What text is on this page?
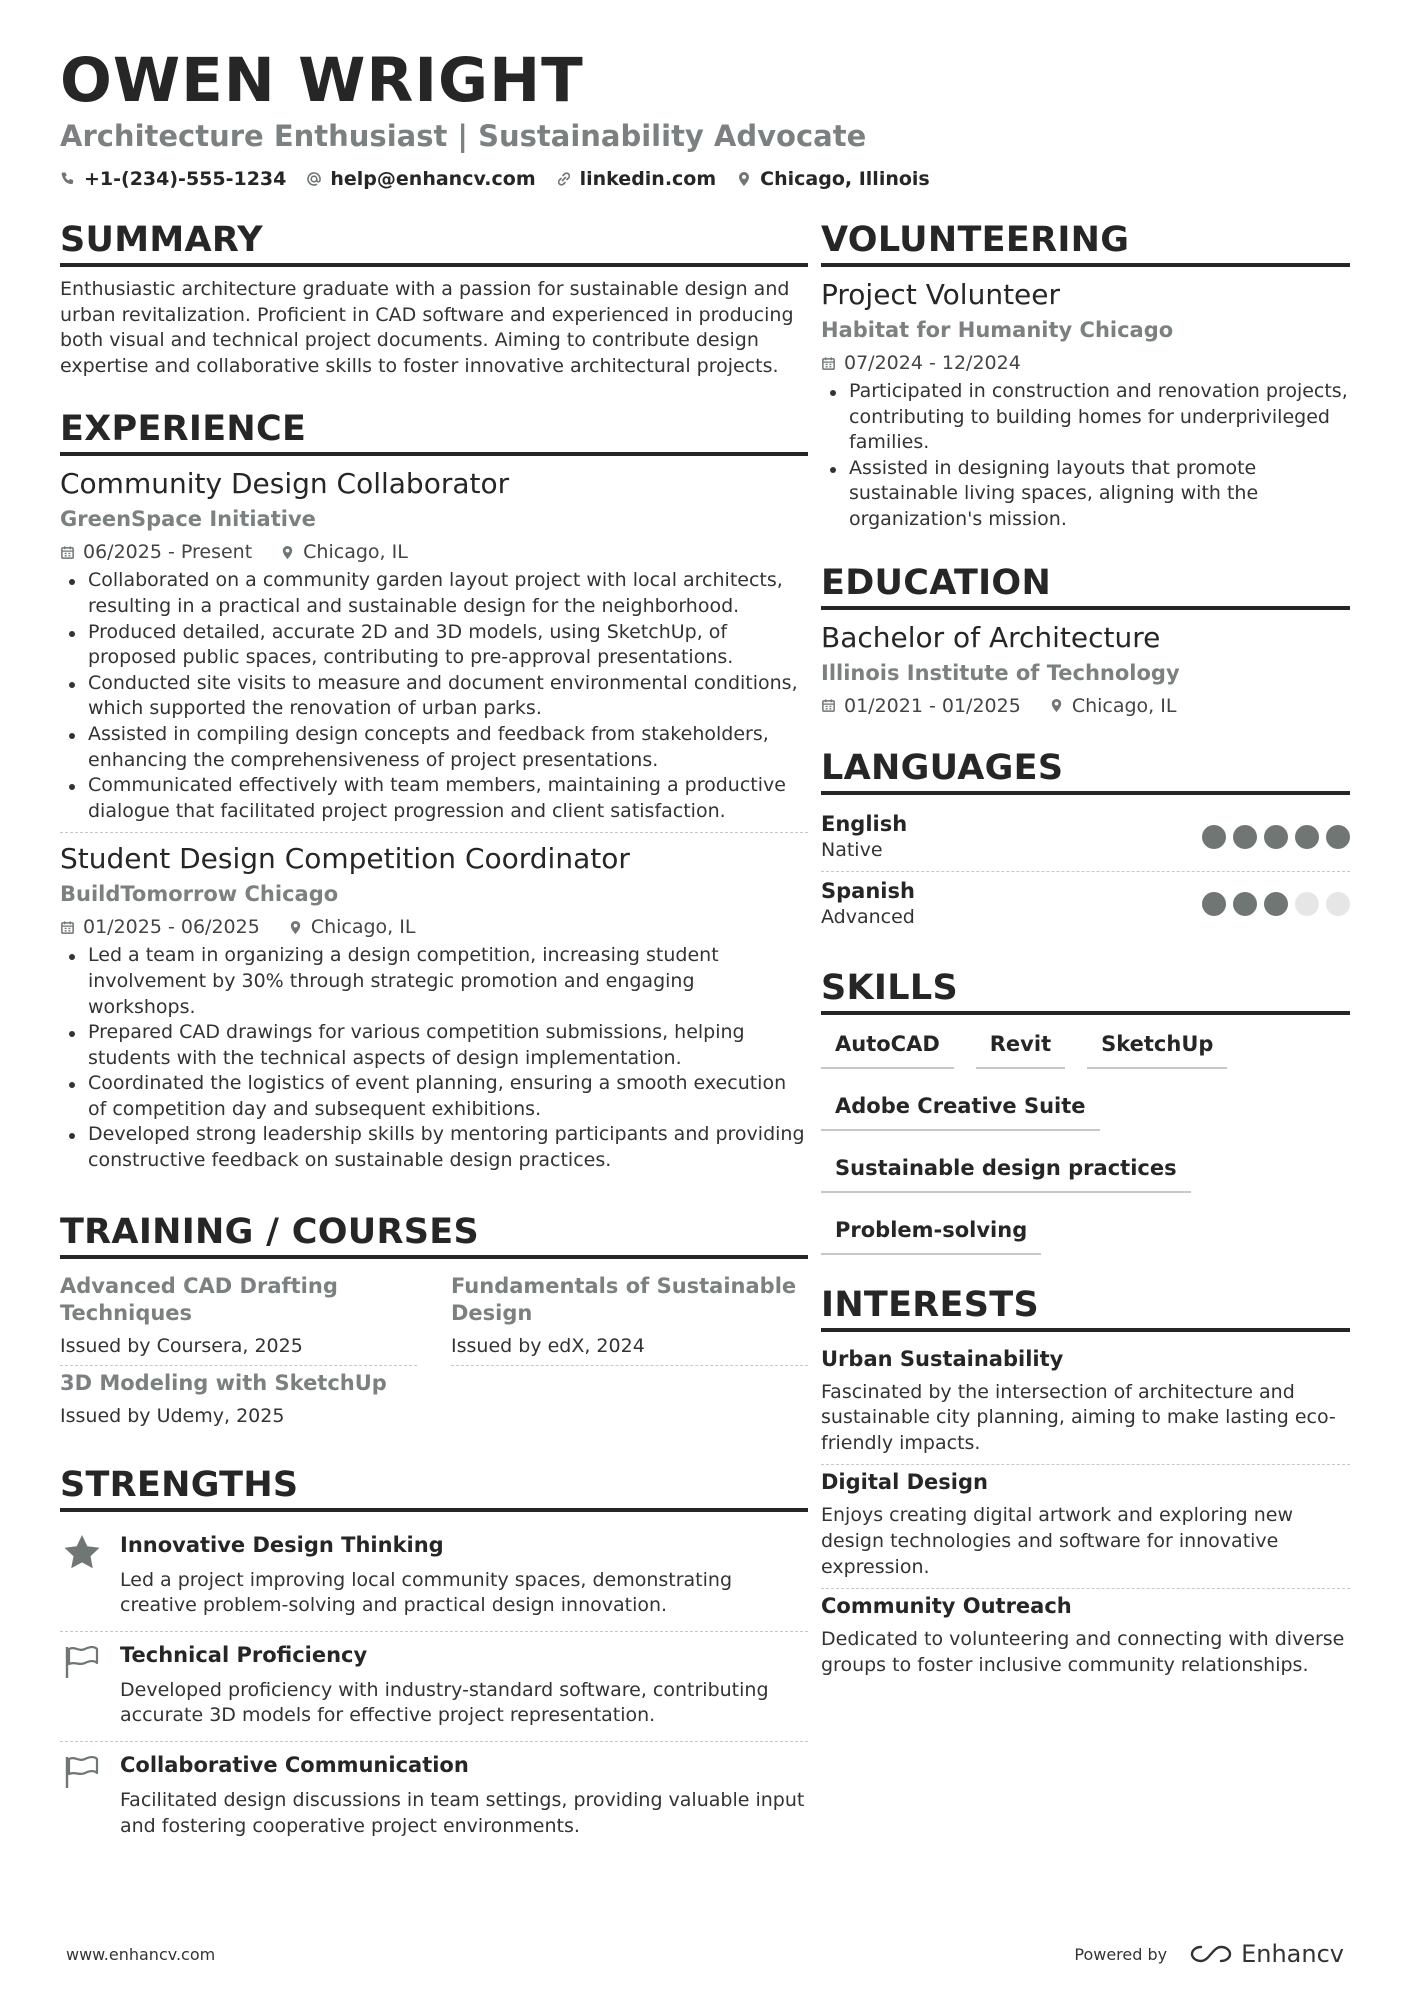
OWEN WRIGHT
Architecture Enthusiast | Sustainability Advocate
+1-(234)-555-1234 help@enhancv.com linkedin.com Chicago, Illinois
SUMMARY
Enthusiastic architecture graduate with a passion for sustainable design and urban revitalization. Proficient in CAD software and experienced in producing both visual and technical project documents. Aiming to contribute design expertise and collaborative skills to foster innovative architectural projects.
EXPERIENCE
Community Design Collaborator
GreenSpace Initiative
06/2025 - Present	Chicago, IL
Collaborated on a community garden layout project with local architects, resulting in a practical and sustainable design for the neighborhood.
Produced detailed, accurate 2D and 3D models, using SketchUp, of proposed public spaces, contributing to pre-approval presentations.
Conducted site visits to measure and document environmental conditions, which supported the renovation of urban parks.
Assisted in compiling design concepts and feedback from stakeholders, enhancing the comprehensiveness of project presentations.
Communicated effectively with team members, maintaining a productive dialogue that facilitated project progression and client satisfaction.
Student Design Competition Coordinator
BuildTomorrow Chicago
01/2025 - 06/2025	Chicago, IL
Led a team in organizing a design competition, increasing student involvement by 30% through strategic promotion and engaging workshops.
Prepared CAD drawings for various competition submissions, helping students with the technical aspects of design implementation.
Coordinated the logistics of event planning, ensuring a smooth execution of competition day and subsequent exhibitions.
Developed strong leadership skills by mentoring participants and providing constructive feedback on sustainable design practices.
TRAINING / COURSES
Advanced CAD Drafting Techniques
Issued by Coursera, 2025
Fundamentals of Sustainable Design
Issued by edX, 2024
3D Modeling with SketchUp
Issued by Udemy, 2025
STRENGTHS
Innovative Design Thinking
Led a project improving local community spaces, demonstrating creative problem-solving and practical design innovation.
Technical Proficiency
Developed proficiency with industry-standard software, contributing accurate 3D models for effective project representation.
Collaborative Communication
Facilitated design discussions in team settings, providing valuable input and fostering cooperative project environments.
VOLUNTEERING
Project Volunteer
Habitat for Humanity Chicago
07/2024 - 12/2024
Participated in construction and renovation projects, contributing to building homes for underprivileged families.
Assisted in designing layouts that promote sustainable living spaces, aligning with the organization's mission.
EDUCATION
Bachelor of Architecture
Illinois Institute of Technology
01/2021 - 01/2025	Chicago, IL
LANGUAGES
English
Native
Spanish
Advanced
SKILLS
AutoCAD	Revit	SketchUp
Adobe Creative Suite
Sustainable design practices
Problem-solving
INTERESTS
Urban Sustainability
Fascinated by the intersection of architecture and sustainable city planning, aiming to make lasting eco-friendly impacts.
Digital Design
Enjoys creating digital artwork and exploring new design technologies and software for innovative expression.
Community Outreach
Dedicated to volunteering and connecting with diverse groups to foster inclusive community relationships.
www.enhancv.com	Powered by	Enhancv
